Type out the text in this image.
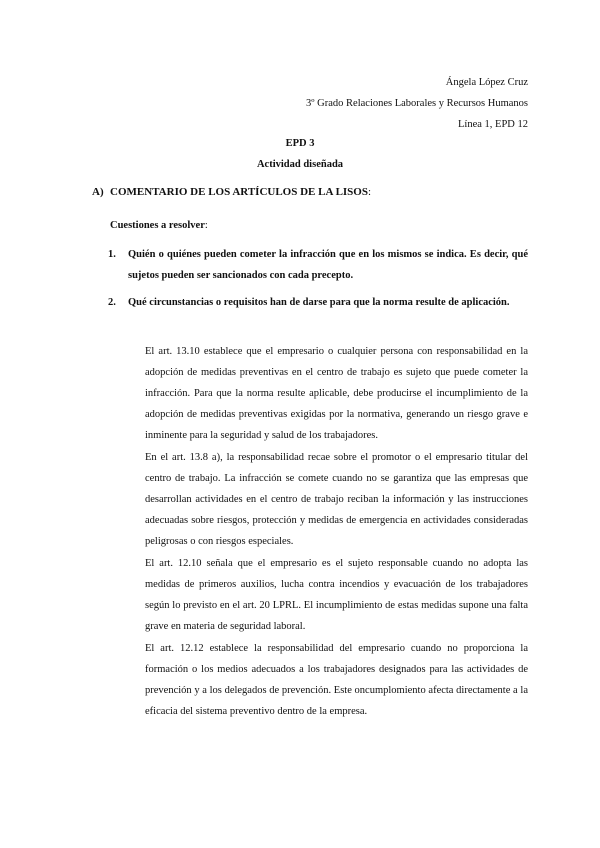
Ángela López Cruz
3º Grado Relaciones Laborales y Recursos Humanos
Línea 1, EPD 12
EPD 3
Actividad diseñada
A) COMENTARIO DE LOS ARTÍCULOS DE LA LISOS:
Cuestiones a resolver:
1. Quién o quiénes pueden cometer la infracción que en los mismos se indica. Es decir, qué sujetos pueden ser sancionados con cada precepto.
2. Qué circunstancias o requisitos han de darse para que la norma resulte de aplicación.
El art. 13.10 establece que el empresario o cualquier persona con responsabilidad en la adopción de medidas preventivas en el centro de trabajo es sujeto que puede cometer la infracción. Para que la norma resulte aplicable, debe producirse el incumplimiento de la adopción de medidas preventivas exigidas por la normativa, generando un riesgo grave e inminente para la seguridad y salud de los trabajadores.
En el art. 13.8 a), la responsabilidad recae sobre el promotor o el empresario titular del centro de trabajo. La infracción se comete cuando no se garantiza que las empresas que desarrollan actividades en el centro de trabajo reciban la información y las instrucciones adecuadas sobre riesgos, protección y medidas de emergencia en actividades consideradas peligrosas o con riesgos especiales.
El art. 12.10 señala que el empresario es el sujeto responsable cuando no adopta las medidas de primeros auxilios, lucha contra incendios y evacuación de los trabajadores según lo previsto en el art. 20 LPRL. El incumplimiento de estas medidas supone una falta grave en materia de seguridad laboral.
El art. 12.12 establece la responsabilidad del empresario cuando no proporciona la formación o los medios adecuados a los trabajadores designados para las actividades de prevención y a los delegados de prevención. Este oncumplomiento afecta directamente a la eficacia del sistema preventivo dentro de la empresa.
